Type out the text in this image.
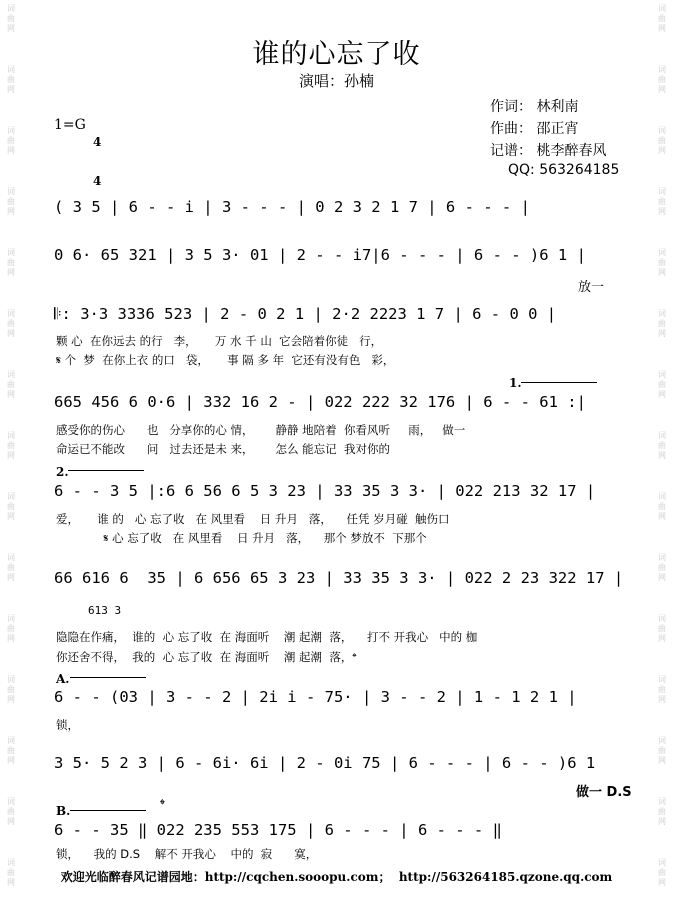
词
曲
网
词
曲
网
词
曲
网
词
曲
网
词
曲
网
词
曲
网
词
曲
网
词
曲
网
词
曲
网
词
曲
网
词
曲
网
词
曲
网
词
曲
网
词
曲
网
词
曲
网
词
曲
网
词
曲
网
词
曲
网
词
曲
网
词
曲
网
词
曲
网
词
曲
网
词
曲
网
词
曲
网
词
曲
网
词
曲
网
词
曲
网
词
曲
网
词
曲
网
词
曲
网
谁的心忘了收
演唱：孙楠
作词： 林利南
作曲： 邵正宵
记谱： 桃李醉春风
QQ: 563264185
1=G

4

4

( 3 5 | 6 - - i | 3 - - - | 0 2 3 2 1 7 | 6 - - - |
0 6· 65 321 | 3 5 3· 01 | 2 - - i7|6 - - - | 6 - - )6 1 |
放一
𝄆: 3·3 3336 523 | 2 - 0 2 1 | 2·2 2223 1 7 | 6 - 0 0 |
颗 心  在你远去 的行   李，     万 水 千 山  它会陪着你徒   行，
𝄋 个  梦  在你上衣 的口   袋，     事 隔 多 年  它还有没有色   彩，
1.
665 456 6 0·6 | 332 16 2 - | 022 222 32 176 | 6 - - 61 :|
感受你的伤心      也   分享你的心 情，      静静 地陪着  你看风听     雨，   做一
命运已不能改      问   过去还是未 来，      怎么 能忘记  我对你的
2.
6 - - 3 5 |:6 6 56 6 5 3 23 | 33 35 3 3· | 022 213 32 17 |
爱，     谁 的   心 忘了收   在 风里看    日 升月   落，    任凭 岁月碰  触伤口
𝄋 心 忘了收   在 风里看    日 升月   落，    那个 梦放不  下那个
66 616 6  35 | 6 656 65 3 23 | 33 35 3 3· | 022 2 23 322 17 |
613 3
隐隐在作痛，  谁的  心 忘了收  在 海面听    潮 起潮  落，    打不 开我心   中的 枷
你还舍不得，  我的  心 忘了收  在 海面听    潮 起潮  落，𝄌
A.
6 - - (03 | 3 - - 2 | 2i i - 75· | 3 - - 2 | 1 - 1 2 1 |
锁，
3 5· 5 2 3 | 6 - 6i· 6i | 2 - 0i 75 | 6 - - - | 6 - - )6 1
做一 D.S
B.	𝄌
6 - - 35 ‖ 022 235 553 175 | 6 - - - | 6 - - - ‖
锁，    我的 D.S    解不 开我心    中的  寂      寞，
欢迎光临醉春风记谱园地：http://cqchen.sooopu.com；  http://563264185.qzone.qq.com
